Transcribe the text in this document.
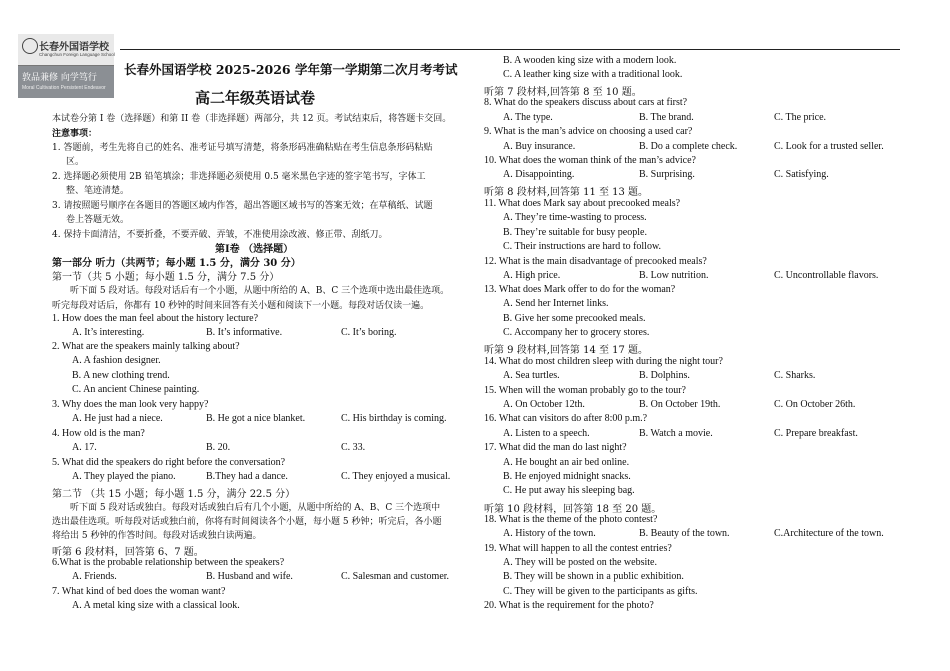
长春外国语学校
Changchun Foreign Language School
敦品兼修 向学笃行
Moral Cultivation Persistent Endeavor
长春外国语学校 2025-2026 学年第一学期第二次月考考试
高二年级英语试卷
本试卷分第 I 卷（选择题）和第 II 卷（非选择题）两部分，共 12 页。考试结束后，将答题卡交回。
注意事项：
1. 答题前，考生先将自己的姓名、准考证号填写清楚，将条形码准确粘贴在考生信息条形码粘贴
区。
2. 选择题必须使用 2B 铅笔填涂；非选择题必须使用 0.5 毫米黑色字迹的签字笔书写，字体工
整、笔迹清楚。
3. 请按照题号顺序在各题目的答题区域内作答，超出答题区域书写的答案无效；在草稿纸、试题
卷上答题无效。
4. 保持卡面清洁，不要折叠，不要弄破、弄皱，不准使用涂改液、修正带、刮纸刀。
第Ⅰ卷 （选择题）
第一部分 听力（共两节；每小题 1.5 分，满分 30 分）
第一节（共 5 小题；每小题 1.5 分，满分 7.5 分）
听下面 5 段对话。每段对话后有一个小题，从题中所给的 A、B、C 三个选项中选出最佳选项。
听完每段对话后，你都有 10 秒钟的时间来回答有关小题和阅读下一小题。每段对话仅读一遍。
1. How does the man feel about the history lecture?
A. It’s interesting.	B. It’s informative.	C. It’s boring.
2. What are the speakers mainly talking about?
A. A fashion designer.
B. A new clothing trend.
C. An ancient Chinese painting.
3. Why does the man look very happy?
A. He just had a niece.	B. He got a nice blanket.	C. His birthday is coming.
4. How old is the man?
A. 17.	B. 20.	C. 33.
5. What did the speakers do right before the conversation?
A. They played the piano.	B.They had a dance.	C. They enjoyed a musical.
第二节 （共 15 小题；每小题 1.5 分，满分 22.5 分）
听下面 5 段对话或独白。每段对话或独白后有几个小题，从题中所给的 A、B、C 三个选项中
选出最佳选项。听每段对话或独白前，你将有时间阅读各个小题，每小题 5 秒钟；听完后，各小题
将给出 5 秒钟的作答时间。每段对话或独白读两遍。
听第 6 段材料，回答第 6、7 题。
6.What is the probable relationship between the speakers?
A. Friends.	B. Husband and wife.	C. Salesman and customer.
7. What kind of bed does the woman want?
A. A metal king size with a classical look.
B. A wooden king size with a modern look.
C. A leather king size with a traditional look.
听第 7 段材料,回答第 8 至 10 题。
8. What do the speakers discuss about cars at first?
A. The type.	B. The brand.	C. The price.
9. What is the man’s advice on choosing a used car?
A. Buy insurance.	B. Do a complete check.	C. Look for a trusted seller.
10. What does the woman think of the man’s advice?
A. Disappointing.	B. Surprising.	C. Satisfying.
听第 8 段材料,回答第 11 至 13 题。
11. What does Mark say about precooked meals?
A. They’re time-wasting to process.
B. They’re suitable for busy people.
C. Their instructions are hard to follow.
12. What is the main disadvantage of precooked meals?
A. High price.	B. Low nutrition.	C. Uncontrollable flavors.
13. What does Mark offer to do for the woman?
A. Send her Internet links.
B. Give her some precooked meals.
C. Accompany her to grocery stores.
听第 9 段材料,回答第 14 至 17 题。
14. What do most children sleep with during the night tour?
A. Sea turtles.	B. Dolphins.	C. Sharks.
15. When will the woman probably go to the tour?
A. On October 12th.	B. On October 19th.	C. On October 26th.
16. What can visitors do after 8:00 p.m.?
A. Listen to a speech.	B. Watch a movie.	C. Prepare breakfast.
17. What did the man do last night?
A. He bought an air bed online.
B. He enjoyed midnight snacks.
C. He put away his sleeping bag.
听第 10 段材料，回答第 18 至 20 题。
18. What is the theme of the photo contest?
A. History of the town.	B. Beauty of the town.	C.Architecture of the town.
19. What will happen to all the contest entries?
A. They will be posted on the website.
B. They will be shown in a public exhibition.
C. They will be given to the participants as gifts.
20. What is the requirement for the photo?
